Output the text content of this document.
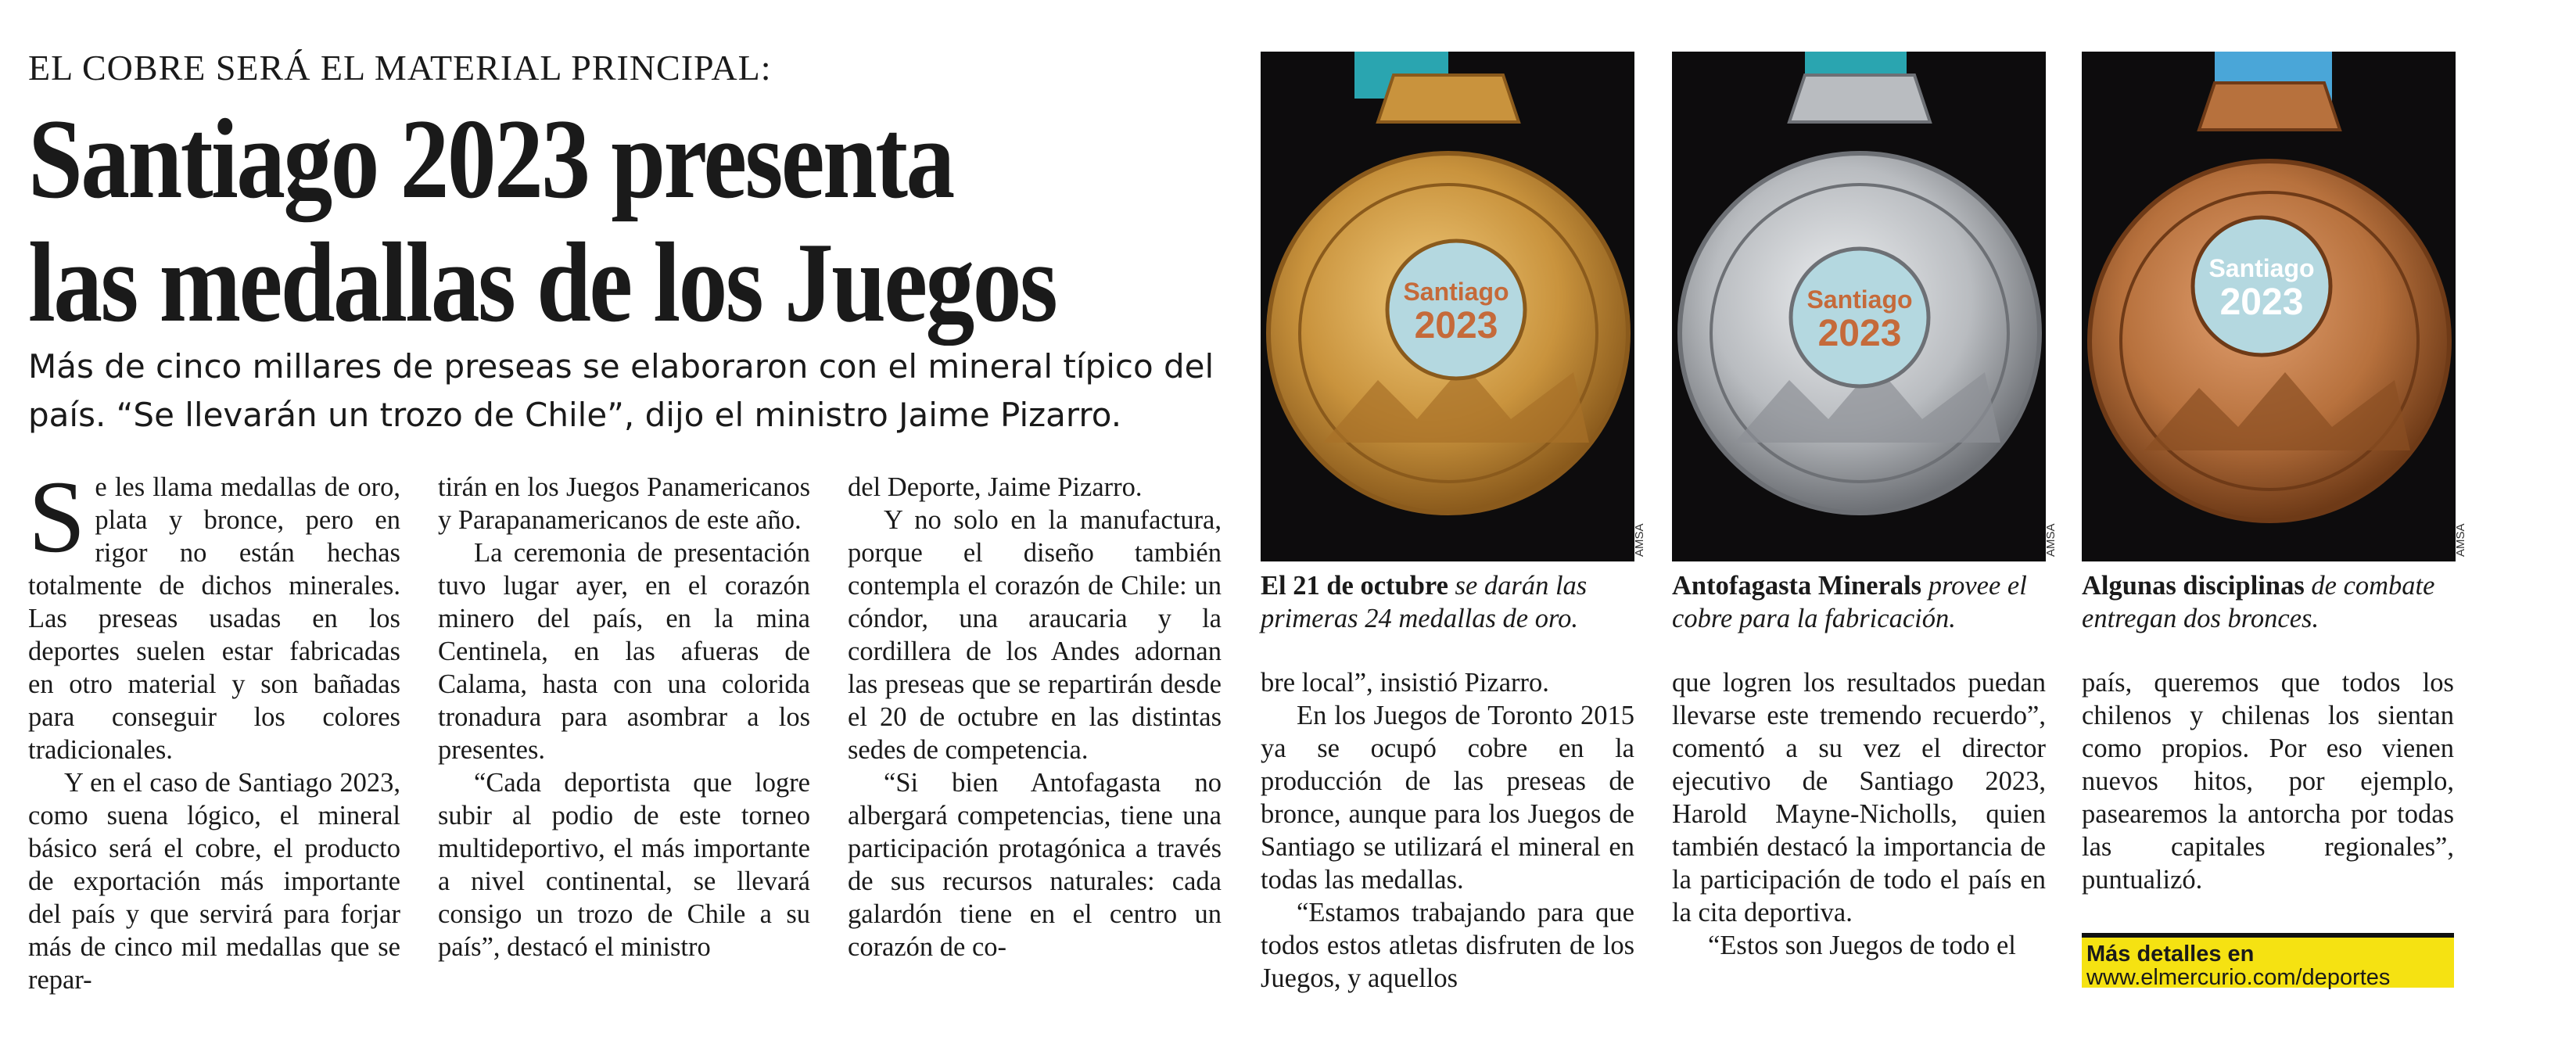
EL COBRE SERÁ EL MATERIAL PRINCIPAL:
Santiago 2023 presenta
las medallas de los Juegos
Más de cinco millares de preseas se elaboraron con el mineral típico del país. “Se llevarán un trozo de Chile”, dijo el ministro Jaime Pizarro.

Se les llama medallas de oro, plata y bronce, pero en rigor no están hechas totalmente de dichos minerales. Las preseas usadas en los deportes suelen estar fabricadas en otro material y son bañadas para conseguir los colores tradicionales.

Y en el caso de Santiago 2023, como suena lógico, el mineral básico será el cobre, el producto de exportación más importante del país y que servirá para forjar más de cinco mil medallas que se repar-

tirán en los Juegos Panamericanos y Parapanamericanos de este año.

La ceremonia de presentación tuvo lugar ayer, en el corazón minero del país, en la mina Centinela, en las afueras de Calama, hasta con una colorida tronadura para asombrar a los presentes.

“Cada deportista que logre subir al podio de este torneo multideportivo, el más importante a nivel continental, se llevará consigo un trozo de Chile a su país”, destacó el ministro

del Deporte, Jaime Pizarro.

Y no solo en la manufactura, porque el diseño también contempla el corazón de Chile: un cóndor, una araucaria y la cordillera de los Andes adornan las preseas que se repartirán desde el 20 de octubre en las distintas sedes de competencia.

“Si bien Antofagasta no albergará competencias, tiene una participación protagónica a través de sus recursos naturales: cada galardón tiene en el centro un corazón de co-

bre local”, insistió Pizarro.

En los Juegos de Toronto 2015 ya se ocupó cobre en la producción de las preseas de bronce, aunque para los Juegos de Santiago se utilizará el mineral en todas las medallas.

“Estamos trabajando para que todos estos atletas disfruten de los Juegos, y aquellos

que logren los resultados puedan llevarse este tremendo recuerdo”, comentó a su vez el director ejecutivo de Santiago 2023, Harold Mayne-Nicholls, quien también destacó la importancia de la participación de todo el país en la cita deportiva.

“Estos son Juegos de todo el

país, queremos que todos los chilenos y chilenas los sientan como propios. Por eso vienen nuevos hitos, por ejemplo, pasearemos la antorcha por todas las capitales regionales”, puntualizó.

Santiago
2023
AMSA
Santiago
2023
AMSA
Santiago
2023
AMSA
El 21 de octubre se darán las primeras 24 medallas de oro.
Antofagasta Minerals provee el cobre para la fabricación.
Algunas disciplinas de combate entregan dos bronces.
Más detalles en
www.elmercurio.com/deportes
